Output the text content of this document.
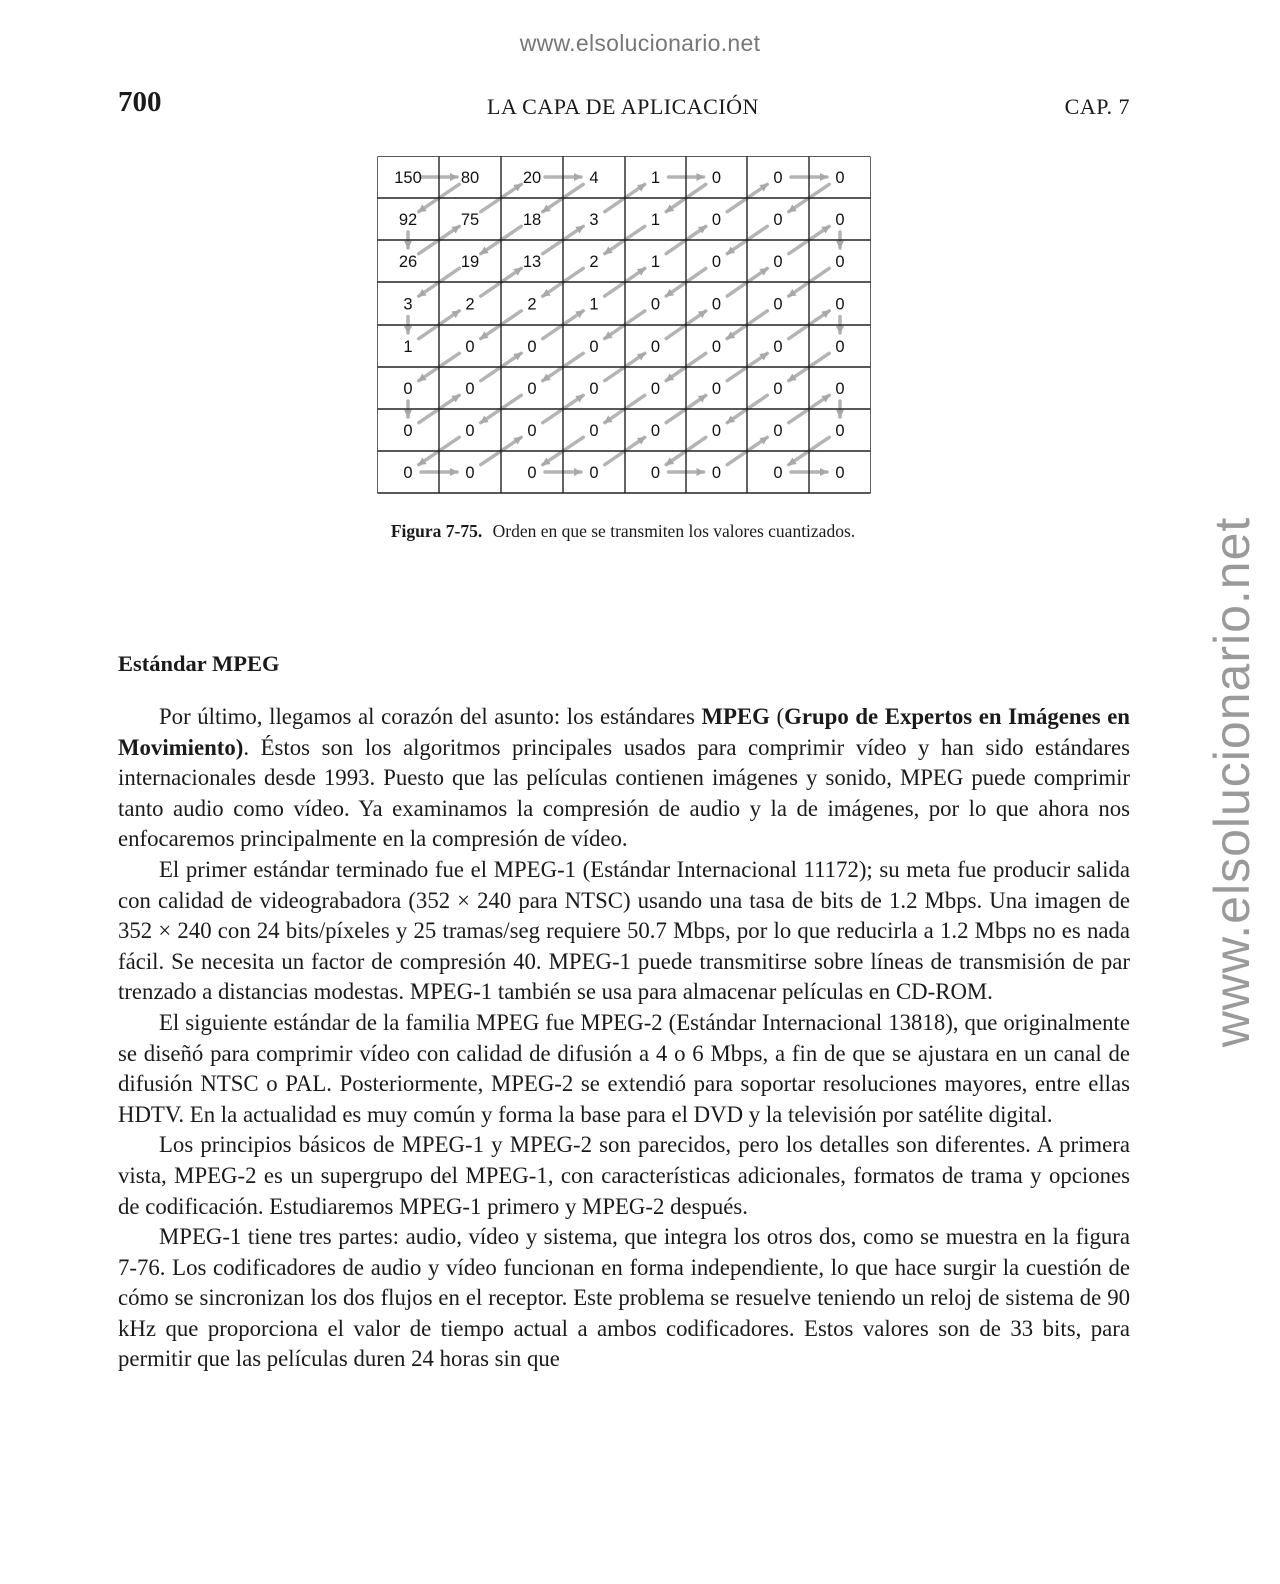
www.elsolucionario.net
www.elsolucionario.net
700	LA CAPA DE APLICACIÓN	CAP. 7
150 80	20	4	1	0	0	0
92	75	18	3	1	0	0	0
26	19	13	2	1	0	0	0
3	2	2	1	0	0	0	0
1	0	0	0	0	0	0	0
0	0	0	0	0	0	0	0
0	0	0	0	0	0	0	0
0	0	0	0	0	0	0	0
Figura 7-75. Orden en que se transmiten los valores cuantizados.
Estándar MPEG

Por último, llegamos al corazón del asunto: los estándares MPEG (Grupo de Expertos en Imágenes en Movimiento). Éstos son los algoritmos principales usados para comprimir vídeo y han sido estándares internacionales desde 1993. Puesto que las películas contienen imágenes y sonido, MPEG puede comprimir tanto audio como vídeo. Ya examinamos la compresión de audio y la de imágenes, por lo que ahora nos enfocaremos principalmente en la compresión de vídeo.

El primer estándar terminado fue el MPEG-1 (Estándar Internacional 11172); su meta fue producir salida con calidad de videograbadora (352 × 240 para NTSC) usando una tasa de bits de 1.2 Mbps. Una imagen de 352 × 240 con 24 bits/píxeles y 25 tramas/seg requiere 50.7 Mbps, por lo que reducirla a 1.2 Mbps no es nada fácil. Se necesita un factor de compresión 40. MPEG-1 puede transmitirse sobre líneas de transmisión de par trenzado a distancias modestas. MPEG-1 también se usa para almacenar películas en CD-ROM.

El siguiente estándar de la familia MPEG fue MPEG-2 (Estándar Internacional 13818), que originalmente se diseñó para comprimir vídeo con calidad de difusión a 4 o 6 Mbps, a fin de que se ajustara en un canal de difusión NTSC o PAL. Posteriormente, MPEG-2 se extendió para soportar resoluciones mayores, entre ellas HDTV. En la actualidad es muy común y forma la base para el DVD y la televisión por satélite digital.

Los principios básicos de MPEG-1 y MPEG-2 son parecidos, pero los detalles son diferentes. A primera vista, MPEG-2 es un supergrupo del MPEG-1, con características adicionales, formatos de trama y opciones de codificación. Estudiaremos MPEG-1 primero y MPEG-2 después.

MPEG-1 tiene tres partes: audio, vídeo y sistema, que integra los otros dos, como se muestra en la figura 7-76. Los codificadores de audio y vídeo funcionan en forma independiente, lo que hace surgir la cuestión de cómo se sincronizan los dos flujos en el receptor. Este problema se resuelve teniendo un reloj de sistema de 90 kHz que proporciona el valor de tiempo actual a ambos codificadores. Estos valores son de 33 bits, para permitir que las películas duren 24 horas sin que
